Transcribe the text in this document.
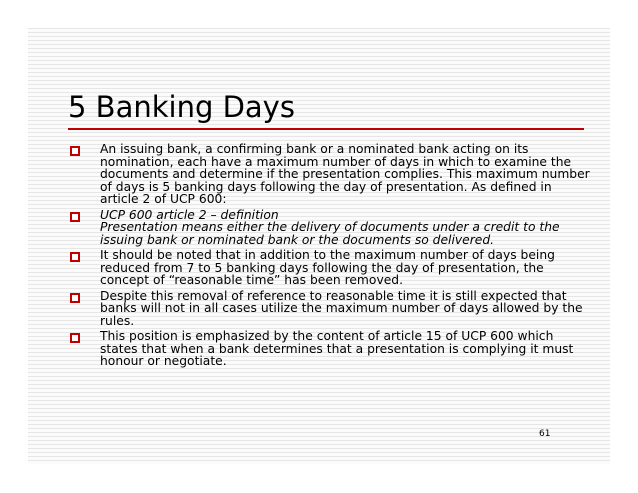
5 Banking Days

An issuing bank, a confirming bank or a nominated bank acting on its nomination, each have a maximum number of days in which to examine the documents and determine if the presentation complies. This maximum number of days is 5 banking days following the day of presentation. As defined in article 2 of UCP 600:

UCP 600 article 2 – definition

Presentation means either the delivery of documents under a credit to the issuing bank or nominated bank or the documents so delivered.

It should be noted that in addition to the maximum number of days being reduced from 7 to 5 banking days following the day of presentation, the concept of “reasonable time” has been removed.

Despite this removal of reference to reasonable time it is still expected that banks will not in all cases utilize the maximum number of days allowed by the rules.

This position is emphasized by the content of article 15 of UCP 600 which states that when a bank determines that a presentation is complying it must honour or negotiate.

61
